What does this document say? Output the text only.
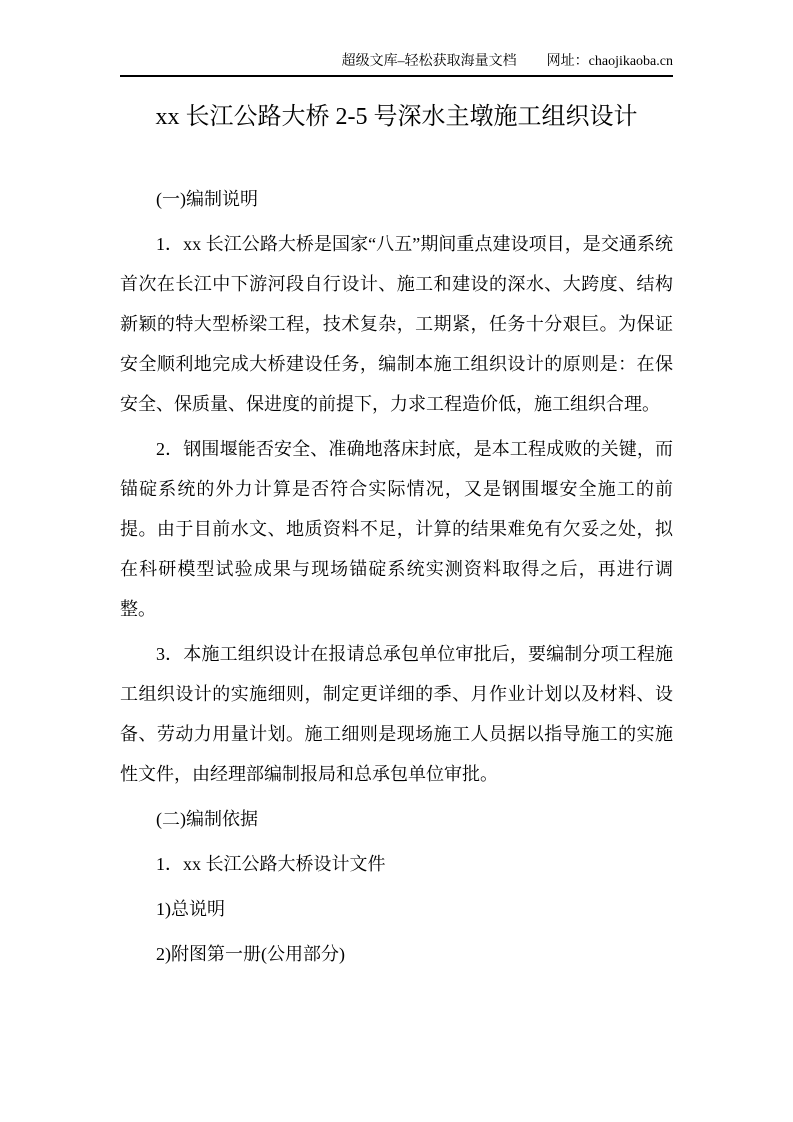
超级文库–轻松获取海量文档 网址：chaojikaoba.cn
xx 长江公路大桥 2-5 号深水主墩施工组织设计

(一)编制说明

1．xx 长江公路大桥是国家“八五”期间重点建设项目，是交通系统首次在长江中下游河段自行设计、施工和建设的深水、大跨度、结构新颖的特大型桥梁工程，技术复杂，工期紧，任务十分艰巨。为保证安全顺利地完成大桥建设任务，编制本施工组织设计的原则是：在保安全、保质量、保进度的前提下，力求工程造价低，施工组织合理。

2．钢围堰能否安全、准确地落床封底，是本工程成败的关键，而锚碇系统的外力计算是否符合实际情况，又是钢围堰安全施工的前提。由于目前水文、地质资料不足，计算的结果难免有欠妥之处，拟在科研模型试验成果与现场锚碇系统实测资料取得之后，再进行调整。

3．本施工组织设计在报请总承包单位审批后，要编制分项工程施工组织设计的实施细则，制定更详细的季、月作业计划以及材料、设备、劳动力用量计划。施工细则是现场施工人员据以指导施工的实施性文件，由经理部编制报局和总承包单位审批。

(二)编制依据

1．xx 长江公路大桥设计文件

1)总说明

2)附图第一册(公用部分)
